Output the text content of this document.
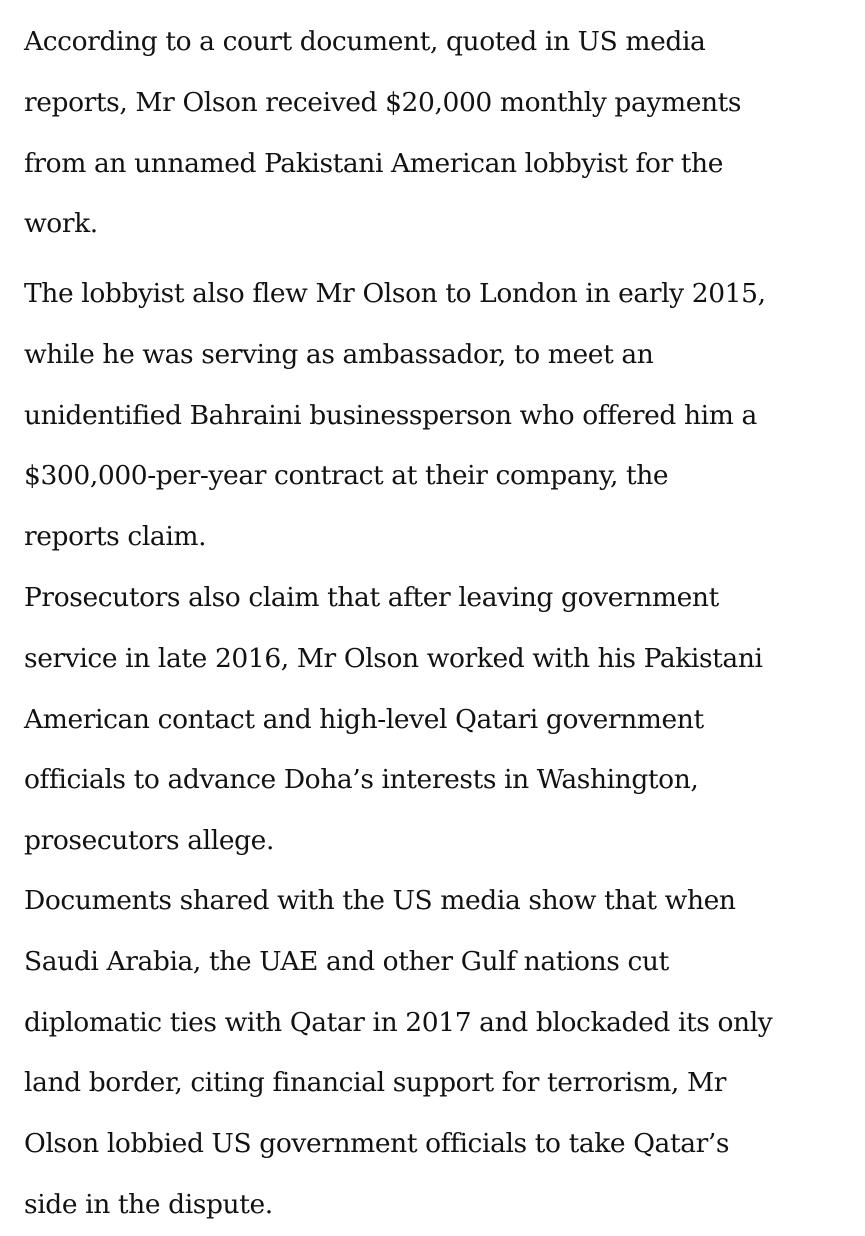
According to a court document, quoted in US media
reports, Mr Olson received $20,000 monthly payments
from an unnamed Pakistani American lobbyist for the
work.

The lobbyist also flew Mr Olson to London in early 2015,
while he was serving as ambassador, to meet an
unidentified Bahraini businessperson who offered him a
$300,000-per-year contract at their company, the
reports claim.

Prosecutors also claim that after leaving government
service in late 2016, Mr Olson worked with his Pakistani
American contact and high-level Qatari government
officials to advance Doha’s interests in Washington,
prosecutors allege.

Documents shared with the US media show that when
Saudi Arabia, the UAE and other Gulf nations cut
diplomatic ties with Qatar in 2017 and blockaded its only
land border, citing financial support for terrorism, Mr
Olson lobbied US government officials to take Qatar’s
side in the dispute.
